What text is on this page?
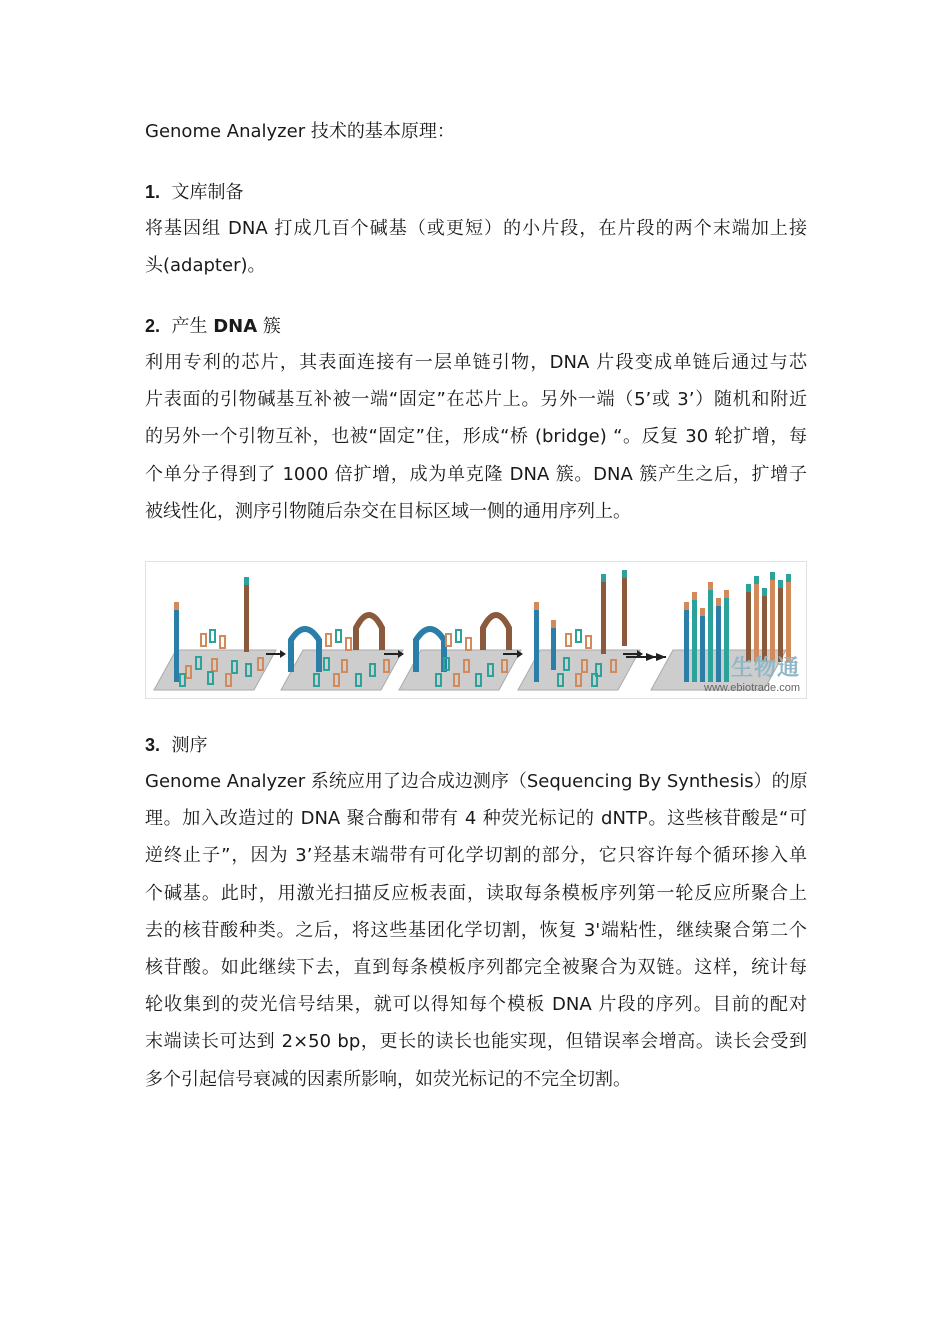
Genome Analyzer 技术的基本原理：
1. 文库制备
将基因组 DNA 打成几百个碱基（或更短）的小片段，在片段的两个末端加上接
头(adapter)。
2. 产生 DNA 簇
利用专利的芯片，其表面连接有一层单链引物，DNA 片段变成单链后通过与芯
片表面的引物碱基互补被一端“固定”在芯片上。另外一端（5’或 3’）随机和附近
的另外一个引物互补，也被“固定”住，形成“桥 (bridge) “。反复 30 轮扩增，每
个单分子得到了 1000 倍扩增，成为单克隆 DNA 簇。DNA 簇产生之后，扩增子
被线性化，测序引物随后杂交在目标区域一侧的通用序列上。
生物通
www.ebiotrade.com
3. 测序
Genome Analyzer 系统应用了边合成边测序（Sequencing By Synthesis）的原
理。加入改造过的 DNA 聚合酶和带有 4 种荧光标记的 dNTP。这些核苷酸是“可
逆终止子”，因为 3’羟基末端带有可化学切割的部分，它只容许每个循环掺入单
个碱基。此时，用激光扫描反应板表面，读取每条模板序列第一轮反应所聚合上
去的核苷酸种类。之后，将这些基团化学切割，恢复 3'端粘性，继续聚合第二个
核苷酸。如此继续下去，直到每条模板序列都完全被聚合为双链。这样，统计每
轮收集到的荧光信号结果，就可以得知每个模板 DNA 片段的序列。目前的配对
末端读长可达到 2×50 bp，更长的读长也能实现，但错误率会增高。读长会受到
多个引起信号衰减的因素所影响，如荧光标记的不完全切割。
